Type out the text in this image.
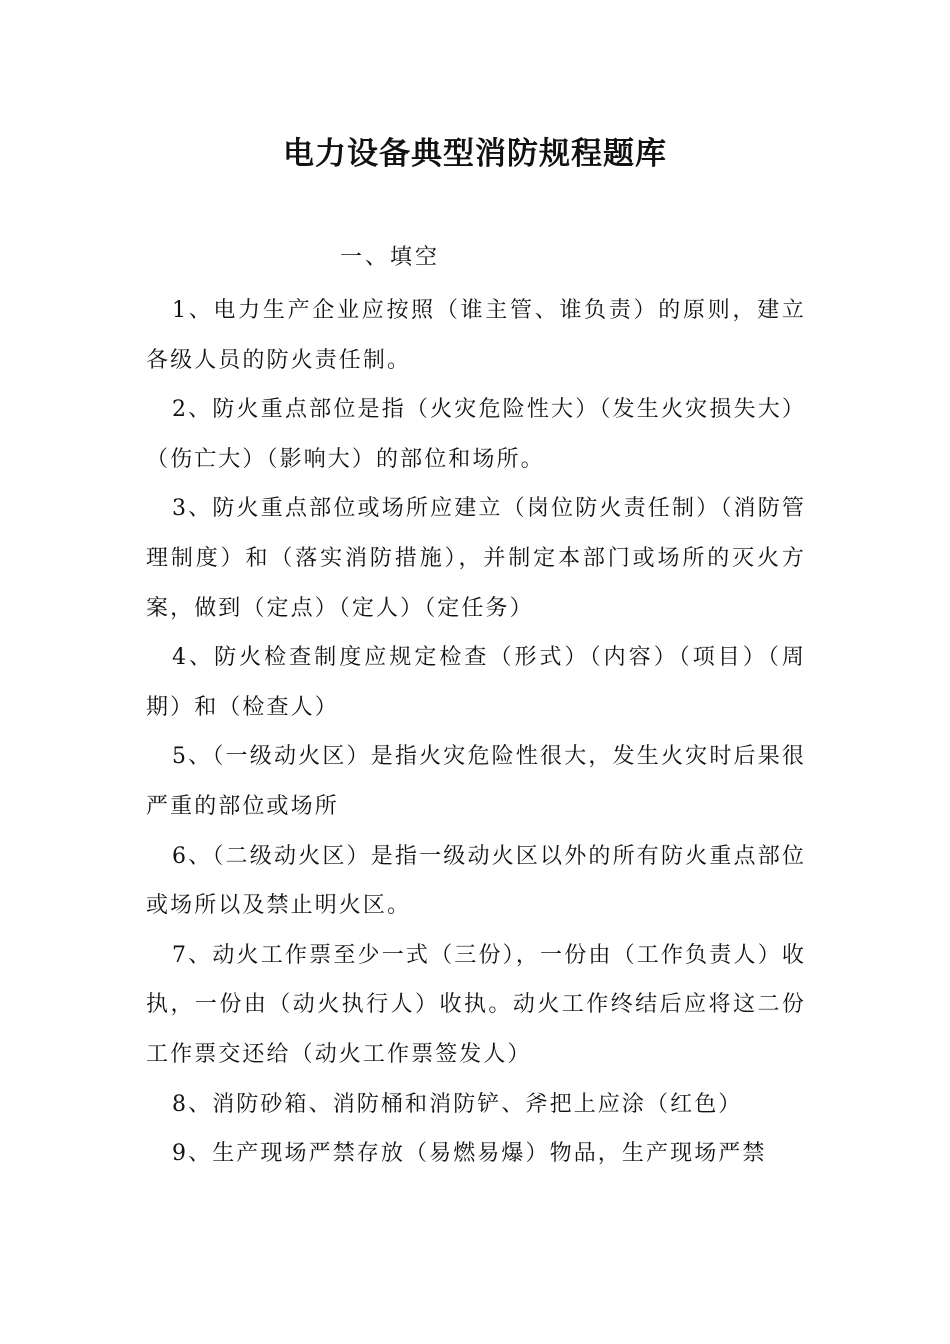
电力设备典型消防规程题库

一、填空

1、电力生产企业应按照（谁主管、谁负责）的原则，建立各级人员的防火责任制。

2、防火重点部位是指（火灾危险性大）（发生火灾损失大）（伤亡大）（影响大）的部位和场所。

3、防火重点部位或场所应建立（岗位防火责任制）（消防管理制度）和（落实消防措施），并制定本部门或场所的灭火方案，做到（定点）（定人）（定任务）

4、防火检查制度应规定检查（形式）（内容）（项目）（周期）和（检查人）

5、（一级动火区）是指火灾危险性很大，发生火灾时后果很严重的部位或场所

6、（二级动火区）是指一级动火区以外的所有防火重点部位或场所以及禁止明火区。

7、动火工作票至少一式（三份），一份由（工作负责人）收执，一份由（动火执行人）收执。动火工作终结后应将这二份工作票交还给（动火工作票签发人）

8、消防砂箱、消防桶和消防铲、斧把上应涂（红色）

9、生产现场严禁存放（易燃易爆）物品，生产现场严禁
